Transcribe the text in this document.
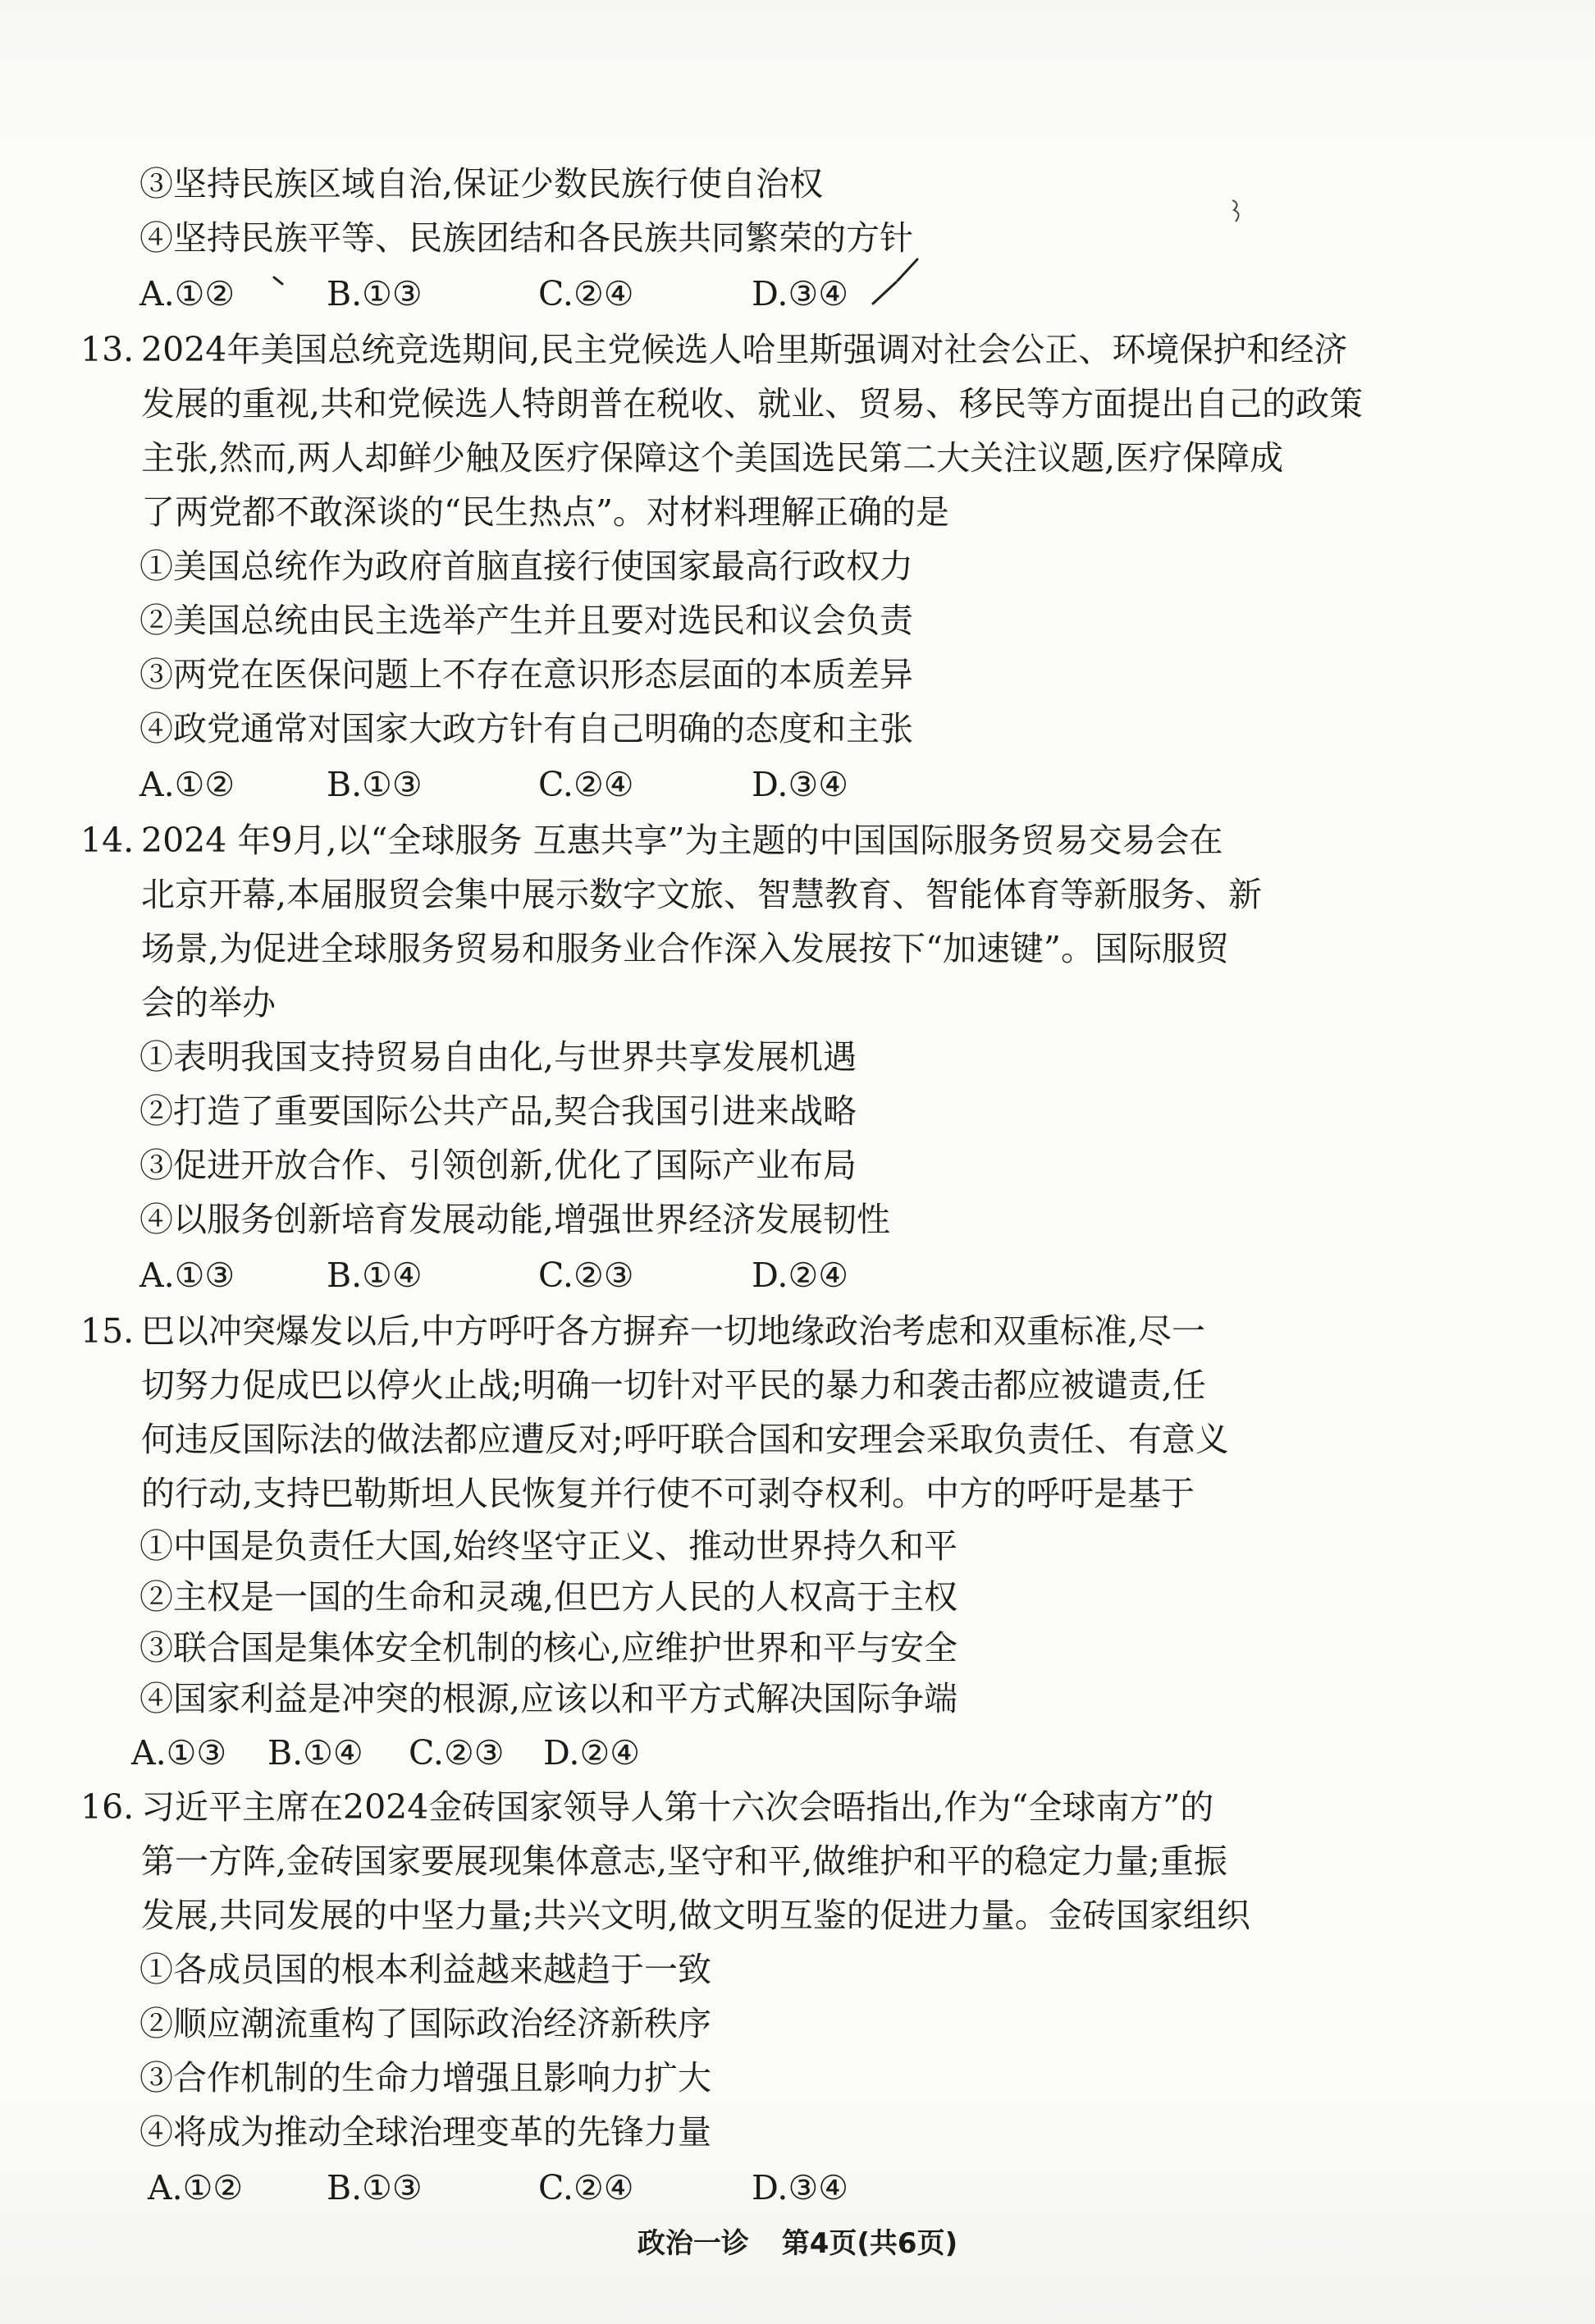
③坚持民族区域自治,保证少数民族行使自治权
④坚持民族平等、民族团结和各民族共同繁荣的方针
A.①②	B.①③	C.②④	D.③④
13. 2024年美国总统竞选期间,民主党候选人哈里斯强调对社会公正、环境保护和经济
发展的重视,共和党候选人特朗普在税收、就业、贸易、移民等方面提出自己的政策
主张,然而,两人却鲜少触及医疗保障这个美国选民第二大关注议题,医疗保障成
了两党都不敢深谈的“民生热点”。对材料理解正确的是
①美国总统作为政府首脑直接行使国家最高行政权力
②美国总统由民主选举产生并且要对选民和议会负责
③两党在医保问题上不存在意识形态层面的本质差异
④政党通常对国家大政方针有自己明确的态度和主张
A.①②	B.①③	C.②④	D.③④
14. 2024 年9月,以“全球服务 互惠共享”为主题的中国国际服务贸易交易会在
北京开幕,本届服贸会集中展示数字文旅、智慧教育、智能体育等新服务、新
场景,为促进全球服务贸易和服务业合作深入发展按下“加速键”。国际服贸
会的举办
①表明我国支持贸易自由化,与世界共享发展机遇
②打造了重要国际公共产品,契合我国引进来战略
③促进开放合作、引领创新,优化了国际产业布局
④以服务创新培育发展动能,增强世界经济发展韧性
A.①③	B.①④	C.②③	D.②④
15. 巴以冲突爆发以后,中方呼吁各方摒弃一切地缘政治考虑和双重标准,尽一
切努力促成巴以停火止战;明确一切针对平民的暴力和袭击都应被谴责,任
何违反国际法的做法都应遭反对;呼吁联合国和安理会采取负责任、有意义
的行动,支持巴勒斯坦人民恢复并行使不可剥夺权利。中方的呼吁是基于
①中国是负责任大国,始终坚守正义、推动世界持久和平
②主权是一国的生命和灵魂,但巴方人民的人权高于主权
③联合国是集体安全机制的核心,应维护世界和平与安全
④国家利益是冲突的根源,应该以和平方式解决国际争端
A.①③ B.①④ C.②③ D.②④
16. 习近平主席在2024金砖国家领导人第十六次会晤指出,作为“全球南方”的
第一方阵,金砖国家要展现集体意志,坚守和平,做维护和平的稳定力量;重振
发展,共同发展的中坚力量;共兴文明,做文明互鉴的促进力量。金砖国家组织
①各成员国的根本利益越来越趋于一致
②顺应潮流重构了国际政治经济新秩序
③合作机制的生命力增强且影响力扩大
④将成为推动全球治理变革的先锋力量
A.①② B.①③	C.②④	D.③④
政治一诊 第4页(共6页)
